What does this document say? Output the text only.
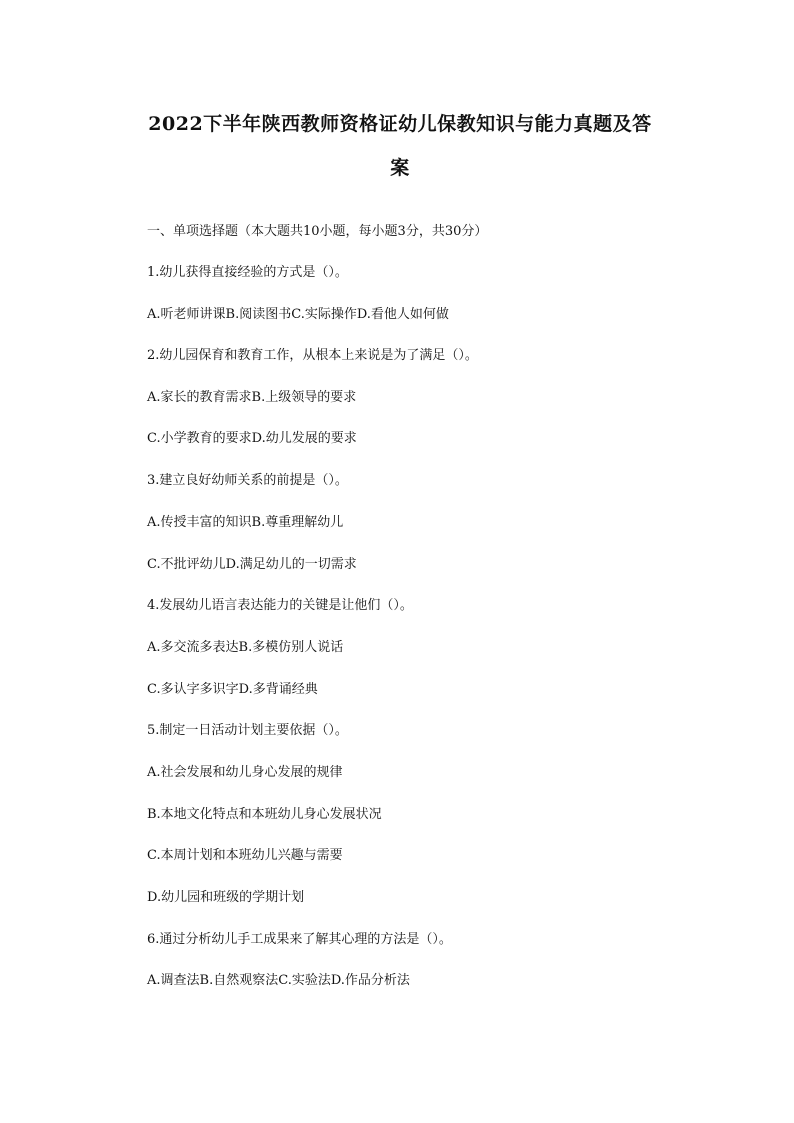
2022下半年陕西教师资格证幼儿保教知识与能力真题及答
案
一、单项选择题（本大题共10小题，每小题3分，共30分）
1.幼儿获得直接经验的方式是（）。
A.听老师讲课B.阅读图书C.实际操作D.看他人如何做
2.幼儿园保育和教育工作，从根本上来说是为了满足（）。
A.家长的教育需求B.上级领导的要求
C.小学教育的要求D.幼儿发展的要求
3.建立良好幼师关系的前提是（）。
A.传授丰富的知识B.尊重理解幼儿
C.不批评幼儿D.满足幼儿的一切需求
4.发展幼儿语言表达能力的关键是让他们（）。
A.多交流多表达B.多模仿别人说话
C.多认字多识字D.多背诵经典
5.制定一日活动计划主要依据（）。
A.社会发展和幼儿身心发展的规律
B.本地文化特点和本班幼儿身心发展状况
C.本周计划和本班幼儿兴趣与需要
D.幼儿园和班级的学期计划
6.通过分析幼儿手工成果来了解其心理的方法是（）。
A.调查法B.自然观察法C.实验法D.作品分析法
